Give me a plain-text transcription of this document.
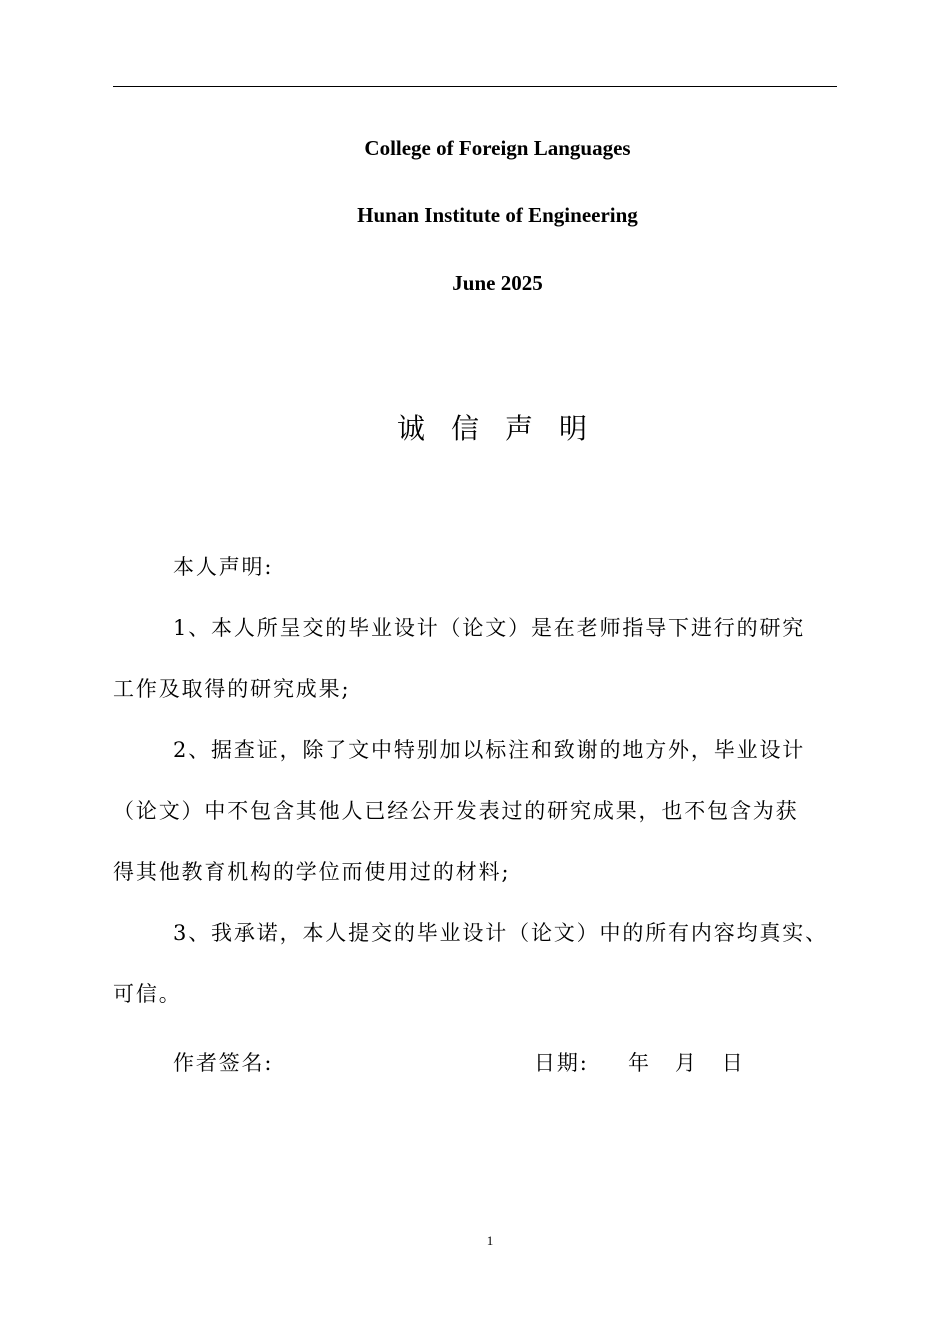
College of Foreign Languages
Hunan Institute of Engineering
June 2025
诚信声明
本人声明:
1、本人所呈交的毕业设计（论文）是在老师指导下进行的研究
工作及取得的研究成果;
2、据查证，除了文中特别加以标注和致谢的地方外，毕业设计
（论文）中不包含其他人已经公开发表过的研究成果，也不包含为获
得其他教育机构的学位而使用过的材料;
3、我承诺，本人提交的毕业设计（论文）中的所有内容均真实、
可信。
作者签名:	日期: 年 月 日
1
